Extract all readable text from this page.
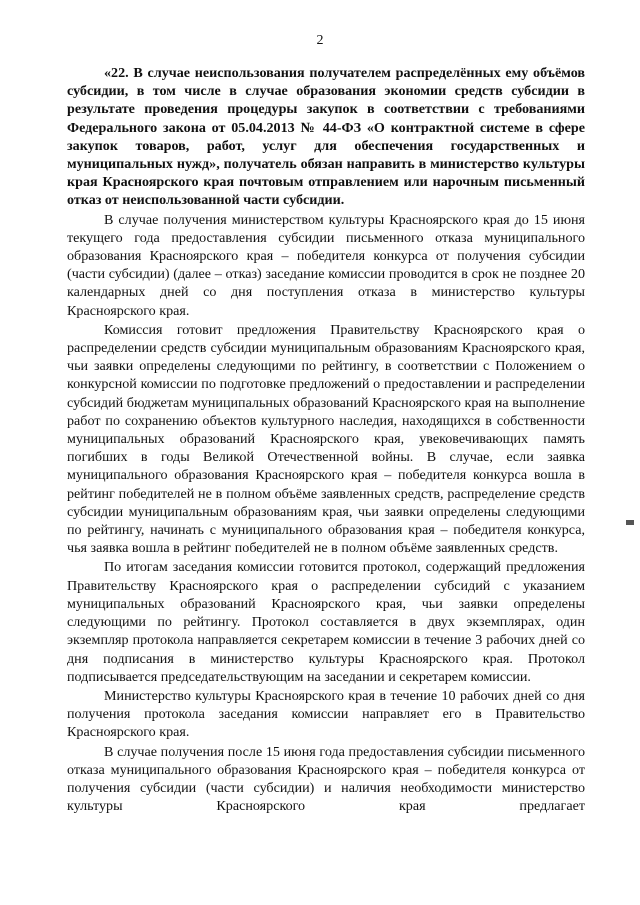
2

«22. В случае неиспользования получателем распределённых ему объёмов субсидии, в том числе в случае образования экономии средств субсидии в результате проведения процедуры закупок в соответствии с требованиями Федерального закона от 05.04.2013 № 44-ФЗ «О контрактной системе в сфере закупок товаров, работ, услуг для обеспечения государственных и муниципальных нужд», получатель обязан направить в министерство культуры края Красноярского края почтовым отправлением или нарочным письменный отказ от неиспользованной части субсидии.

В случае получения министерством культуры Красноярского края до 15 июня текущего года предоставления субсидии письменного отказа муниципального образования Красноярского края – победителя конкурса от получения субсидии (части субсидии) (далее – отказ) заседание комиссии проводится в срок не позднее 20 календарных дней со дня поступления отказа в министерство культуры Красноярского края.

Комиссия готовит предложения Правительству Красноярского края о распределении средств субсидии муниципальным образованиям Красноярского края, чьи заявки определены следующими по рейтингу, в соответствии с Положением о конкурсной комиссии по подготовке предложений о предоставлении и распределении субсидий бюджетам муниципальных образований Красноярского края на выполнение работ по сохранению объектов культурного наследия, находящихся в собственности муниципальных образований Красноярского края, увековечивающих память погибших в годы Великой Отечественной войны. В случае, если заявка муниципального образования Красноярского края – победителя конкурса вошла в рейтинг победителей не в полном объёме заявленных средств, распределение средств субсидии муниципальным образованиям края, чьи заявки определены следующими по рейтингу, начинать с муниципального образования края – победителя конкурса, чья заявка вошла в рейтинг победителей не в полном объёме заявленных средств.

По итогам заседания комиссии готовится протокол, содержащий предложения Правительству Красноярского края о распределении субсидий с указанием муниципальных образований Красноярского края, чьи заявки определены следующими по рейтингу. Протокол составляется в двух экземплярах, один экземпляр протокола направляется секретарем комиссии в течение 3 рабочих дней со дня подписания в министерство культуры Красноярского края. Протокол подписывается председательствующим на заседании и секретарем комиссии.

Министерство культуры Красноярского края в течение 10 рабочих дней со дня получения протокола заседания комиссии направляет его в Правительство Красноярского края.

В случае получения после 15 июня года предоставления субсидии письменного отказа муниципального образования Красноярского края – победителя конкурса от получения субсидии (части субсидии) и наличия необходимости министерство культуры Красноярского края предлагает
